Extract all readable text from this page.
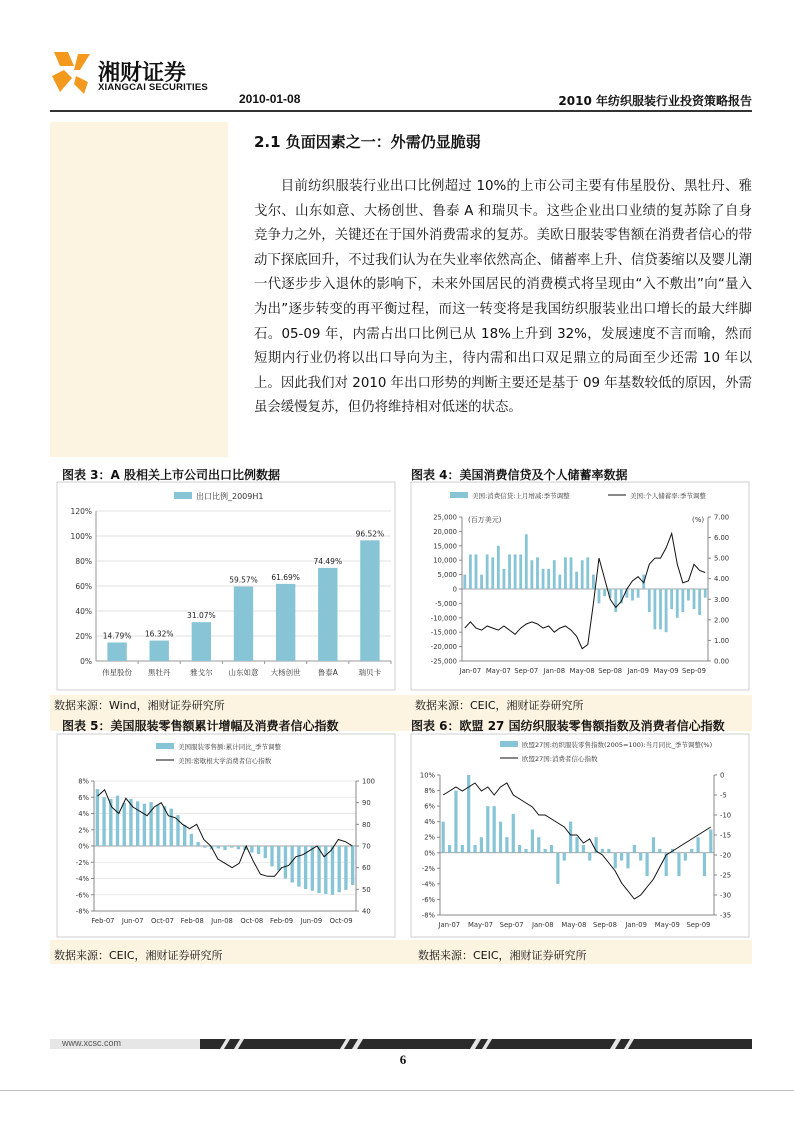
湘财证券
XIANGCAI SECURITIES
2010-01-08	2010 年纺织服装行业投资策略报告
2.1 负面因素之一：外需仍显脆弱

目前纺织服装行业出口比例超过 10%的上市公司主要有伟星股份、黑牡丹、雅戈尔、山东如意、大杨创世、鲁泰 A 和瑞贝卡。这些企业出口业绩的复苏除了自身竞争力之外，关键还在于国外消费需求的复苏。美欧日服装零售额在消费者信心的带动下探底回升，不过我们认为在失业率依然高企、储蓄率上升、信贷萎缩以及婴儿潮一代逐步步入退休的影响下，未来外国居民的消费模式将呈现由“入不敷出”向“量入为出”逐步转变的再平衡过程，而这一转变将是我国纺织服装业出口增长的最大绊脚石。05-09 年，内需占出口比例已从 18%上升到 32%，发展速度不言而喻，然而短期内行业仍将以出口导向为主，待内需和出口双足鼎立的局面至少还需 10 年以上。因此我们对 2010 年出口形势的判断主要还是基于 09 年基数较低的原因，外需虽会缓慢复苏，但仍将维持相对低迷的状态。

图表 3：A 股相关上市公司出口比例数据	图表 4：美国消费信贷及个人储蓄率数据
出口比例_2009H1
0%
20%
40%
60%
80%
100%
120%
14.79%
伟星股份
16.32%
黑牡丹
31.07%
雅戈尔
59.57%
山东如意
61.69%
大杨创世
74.49%
鲁泰A
96.52%
瑞贝卡
美国:消费信贷:上月增减:季节调整	美国:个人储蓄率:季节调整
(百万美元)	(%)
25,000
20,000
15,000
10,000
5,000
0
-5,000
-10,000
-15,000
-20,000
-25,000
7.00
6.00
5.00
4.00
3.00
2.00
1.00
0.00
Jan-07 May-07 Sep-07 Jan-08 May-08 Sep-08 Jan-09 May-09 Sep-09
数据来源：Wind，湘财证券研究所	数据来源：CEIC，湘财证券研究所
图表 5：美国服装零售额累计增幅及消费者信心指数	图表 6：欧盟 27 国纺织服装零售额指数及消费者信心指数
美国服装零售额:累计同比_季节调整
美国:密歇根大学消费者信心指数
8%
6%
4%
2%
0%
-2%
-4%
-6%
-8%
100
90
80
70
60
50
40
Feb-07 Jun-07 Oct-07 Feb-08 Jun-08 Oct-08 Feb-09 Jun-09 Oct-09
欧盟27国:纺织服装零售指数(2005=100):当月同比_季节调整(%)
欧盟27国:消费者信心指数
10%
8%
6%
4%
2%
0%
-2%
-4%
-6%
-8%
0
-5
-10
-15
-20
-25
-30
-35
Jan-07 May-07 Sep-07 Jan-08 May-08 Sep-08 Jan-09 May-09 Sep-09
数据来源：CEIC，湘财证券研究所	数据来源：CEIC，湘财证券研究所
www.xcsc.com
6
